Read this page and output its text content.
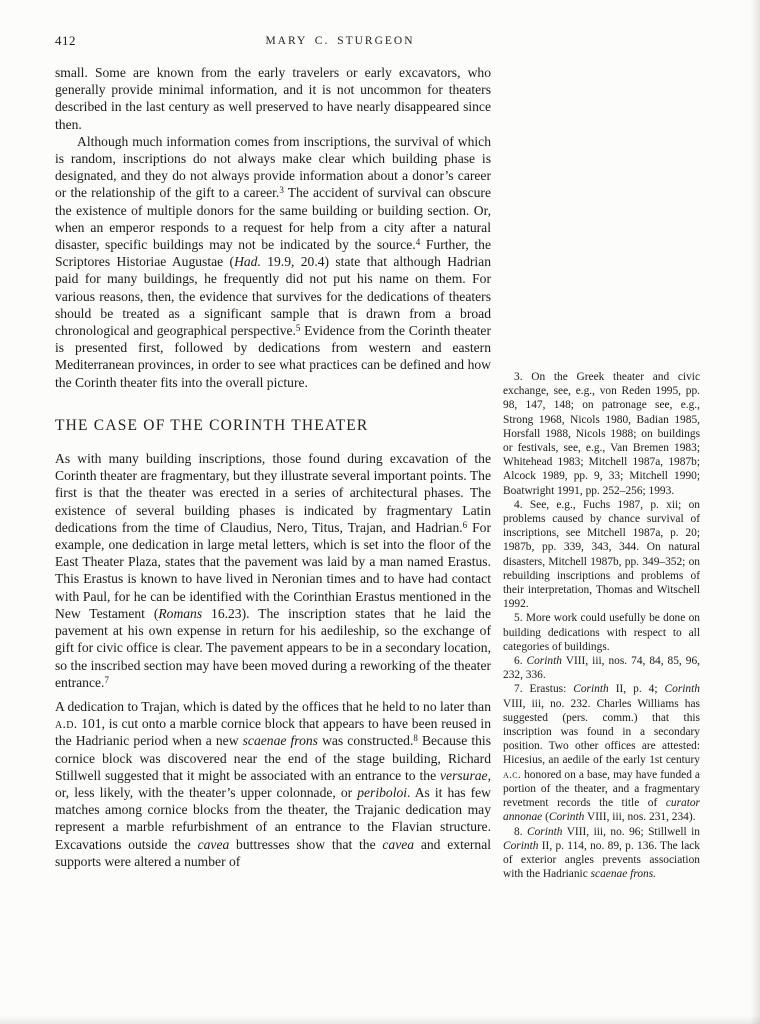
412	MARY C. STURGEON

small. Some are known from the early travelers or early excavators, who generally provide minimal information, and it is not uncommon for theaters described in the last century as well preserved to have nearly disappeared since then.

Although much information comes from inscriptions, the survival of which is random, inscriptions do not always make clear which building phase is designated, and they do not always provide information about a donor’s career or the relationship of the gift to a career.$^3$ The accident of survival can obscure the existence of multiple donors for the same building or building section. Or, when an emperor responds to a request for help from a city after a natural disaster, specific buildings may not be indicated by the source.$^4$ Further, the Scriptores Historiae Augustae (Had. 19.9, 20.4) state that although Hadrian paid for many buildings, he frequently did not put his name on them. For various reasons, then, the evidence that survives for the dedications of theaters should be treated as a significant sample that is drawn from a broad chronological and geographical perspective.$^5$ Evidence from the Corinth theater is presented first, followed by dedications from western and eastern Mediterranean provinces, in order to see what practices can be defined and how the Corinth theater fits into the overall picture.

THE CASE OF THE CORINTH THEATER

As with many building inscriptions, those found during excavation of the Corinth theater are fragmentary, but they illustrate several important points. The first is that the theater was erected in a series of architectural phases. The existence of several building phases is indicated by fragmentary Latin dedications from the time of Claudius, Nero, Titus, Trajan, and Hadrian.$^6$ For example, one dedication in large metal letters, which is set into the floor of the East Theater Plaza, states that the pavement was laid by a man named Erastus. This Erastus is known to have lived in Neronian times and to have had contact with Paul, for he can be identified with the Corinthian Erastus mentioned in the New Testament (Romans 16.23). The inscription states that he laid the pavement at his own expense in return for his aedileship, so the exchange of gift for civic office is clear. The pavement appears to be in a secondary location, so the inscribed section may have been moved during a reworking of the theater entrance.$^7$

A dedication to Trajan, which is dated by the offices that he held to no later than a.d. 101, is cut onto a marble cornice block that appears to have been reused in the Hadrianic period when a new scaenae frons was constructed.$^8$ Because this cornice block was discovered near the end of the stage building, Richard Stillwell suggested that it might be associated with an entrance to the versurae, or, less likely, with the theater’s upper colonnade, or periboloi. As it has few matches among cornice blocks from the theater, the Trajanic dedication may represent a marble refurbishment of an entrance to the Flavian structure. Excavations outside the cavea buttresses show that the cavea and external supports were altered a number of

3. On the Greek theater and civic exchange, see, e.g., von Reden 1995, pp. 98, 147, 148; on patronage see, e.g., Strong 1968, Nicols 1980, Badian 1985, Horsfall 1988, Nicols 1988; on buildings or festivals, see, e.g., Van Bremen 1983; Whitehead 1983; Mitchell 1987a, 1987b; Alcock 1989, pp. 9, 33; Mitchell 1990; Boatwright 1991, pp. 252–256; 1993.

4. See, e.g., Fuchs 1987, p. xii; on problems caused by chance survival of inscriptions, see Mitchell 1987a, p. 20; 1987b, pp. 339, 343, 344. On natural disasters, Mitchell 1987b, pp. 349–352; on rebuilding inscriptions and problems of their interpretation, Thomas and Witschell 1992.

5. More work could usefully be done on building dedications with respect to all categories of buildings.

6. Corinth VIII, iii, nos. 74, 84, 85, 96, 232, 336.

7. Erastus: Corinth II, p. 4; Corinth VIII, iii, no. 232. Charles Williams has suggested (pers. comm.) that this inscription was found in a secondary position. Two other offices are attested: Hicesius, an aedile of the early 1st century a.c. honored on a base, may have funded a portion of the theater, and a fragmentary revetment records the title of curator annonae (Corinth VIII, iii, nos. 231, 234).

8. Corinth VIII, iii, no. 96; Stillwell in Corinth II, p. 114, no. 89, p. 136. The lack of exterior angles prevents association with the Hadrianic scaenae frons.
